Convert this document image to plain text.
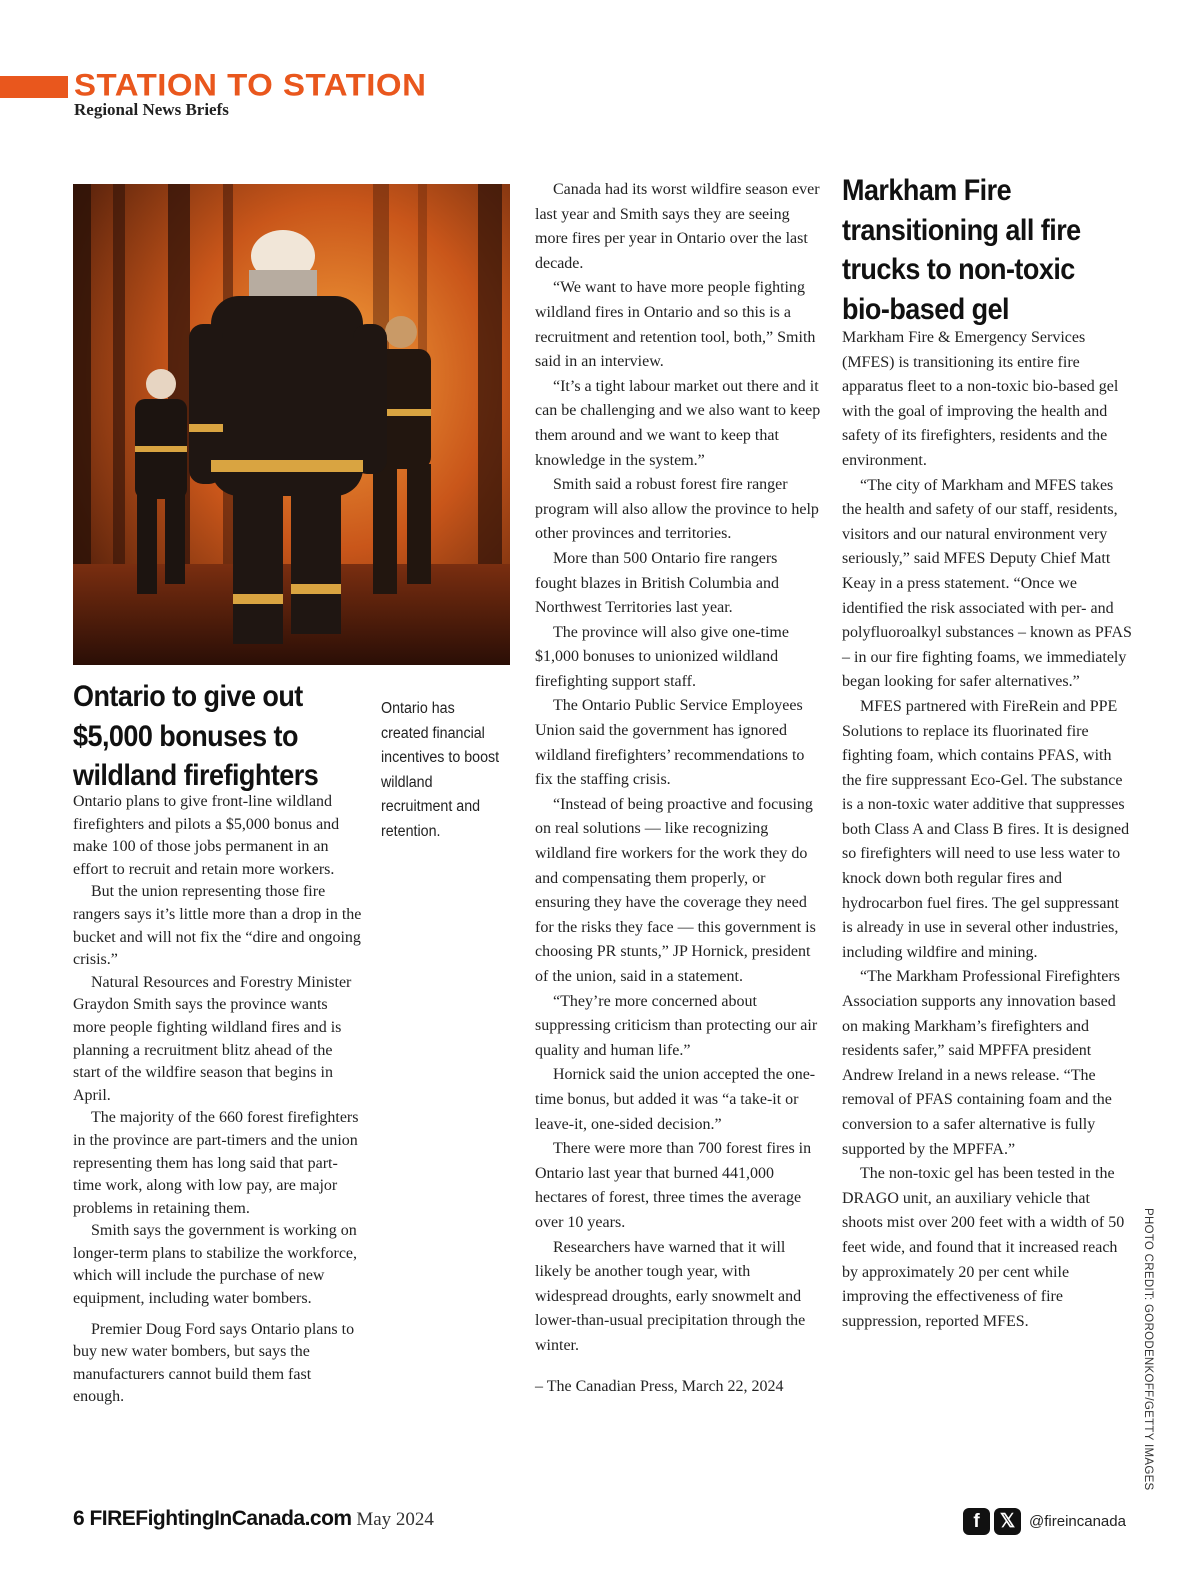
STATION TO STATION
Regional News Briefs
Ontario to give out
$5,000 bonuses to
wildland firefighters
Ontario has created financial incentives to boost wildland recruitment and retention.

Ontario plans to give front-line wildland firefighters and pilots a $5,000 bonus and make 100 of those jobs permanent in an effort to recruit and retain more workers.

But the union representing those fire rangers says it’s little more than a drop in the bucket and will not fix the “dire and ongoing crisis.”

Natural Resources and Forestry Minister Graydon Smith says the province wants more people fighting wildland fires and is planning a recruitment blitz ahead of the start of the wildfire season that begins in April.

The majority of the 660 forest firefighters in the province are part-timers and the union representing them has long said that part-time work, along with low pay, are major problems in retaining them.

Smith says the government is working on longer-term plans to stabilize the workforce, which will include the purchase of new equipment, including water bombers.

Premier Doug Ford says Ontario plans to buy new water bombers, but says the manufacturers cannot build them fast enough.

Canada had its worst wildfire season ever last year and Smith says they are seeing more fires per year in Ontario over the last decade.

“We want to have more people fighting wildland fires in Ontario and so this is a recruitment and retention tool, both,” Smith said in an interview.

“It’s a tight labour market out there and it can be challenging and we also want to keep them around and we want to keep that knowledge in the system.”

Smith said a robust forest fire ranger program will also allow the province to help other provinces and territories.

More than 500 Ontario fire rangers fought blazes in British Columbia and Northwest Territories last year.

The province will also give one-time $1,000 bonuses to unionized wildland firefighting support staff.

The Ontario Public Service Employees Union said the government has ignored wildland firefighters’ recommendations to fix the staffing crisis.

“Instead of being proactive and focusing on real solutions — like recognizing wildland fire workers for the work they do and compensating them properly, or ensuring they have the coverage they need for the risks they face — this government is choosing PR stunts,” JP Hornick, president of the union, said in a statement.

“They’re more concerned about suppressing criticism than protecting our air quality and human life.”

Hornick said the union accepted the one-time bonus, but added it was “a take-it or leave-it, one-sided decision.”

There were more than 700 forest fires in Ontario last year that burned 441,000 hectares of forest, three times the average over 10 years.

Researchers have warned that it will likely be another tough year, with widespread droughts, early snowmelt and lower-than-usual precipitation through the winter.

– The Canadian Press, March 22, 2024

Markham Fire
transitioning all fire
trucks to non-toxic
bio-based gel

Markham Fire & Emergency Services (MFES) is transitioning its entire fire apparatus fleet to a non-toxic bio-based gel with the goal of improving the health and safety of its firefighters, residents and the environment.

“The city of Markham and MFES takes the health and safety of our staff, residents, visitors and our natural environment very seriously,” said MFES Deputy Chief Matt Keay in a press statement. “Once we identified the risk associated with per- and polyfluoroalkyl substances – known as PFAS – in our fire fighting foams, we immediately began looking for safer alternatives.”

MFES partnered with FireRein and PPE Solutions to replace its fluorinated fire fighting foam, which contains PFAS, with the fire suppressant Eco-Gel. The substance is a non-toxic water additive that suppresses both Class A and Class B fires. It is designed so firefighters will need to use less water to knock down both regular fires and hydrocarbon fuel fires. The gel suppressant is already in use in several other industries, including wildfire and mining.

“The Markham Professional Firefighters Association supports any innovation based on making Markham’s firefighters and residents safer,” said MPFFA president Andrew Ireland in a news release. “The removal of PFAS containing foam and the conversion to a safer alternative is fully supported by the MPFFA.”

The non-toxic gel has been tested in the DRAGO unit, an auxiliary vehicle that shoots mist over 200 feet with a width of 50 feet wide, and found that it increased reach by approximately 20 per cent while improving the effectiveness of fire suppression, reported MFES.	PHOTO CREDIT: GORODENKOFF/GETTY IMAGES
6 FIREFightingInCanada.com May 2024	f	𝕏 @fireincanada
